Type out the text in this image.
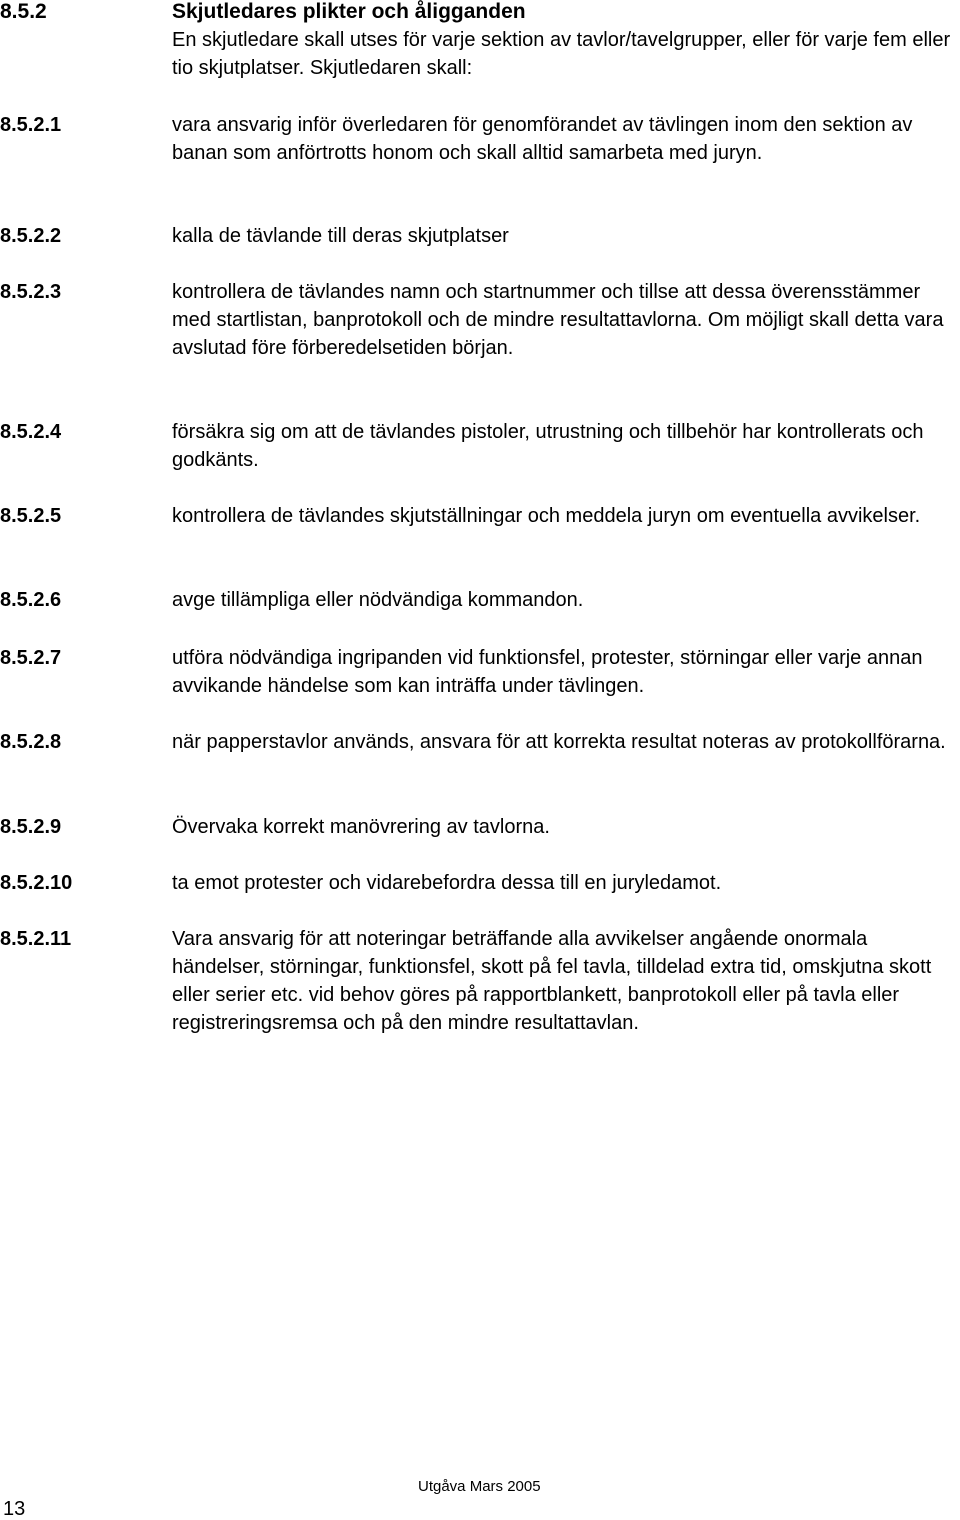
8.5.2	Skjutledares plikter och åligganden
En skjutledare skall utses för varje sektion av tavlor/tavelgrupper, eller för varje fem eller tio skjutplatser. Skjutledaren skall:
8.5.2.1	vara ansvarig inför överledaren för genomförandet av tävlingen inom den sektion av banan som anförtrotts honom och skall alltid samarbeta med juryn.
8.5.2.2	kalla de tävlande till deras skjutplatser
8.5.2.3	kontrollera de tävlandes namn och startnummer och tillse att dessa överensstämmer med startlistan, banprotokoll och de mindre resultattavlorna. Om möjligt skall detta vara avslutad före förberedelsetiden början.
8.5.2.4	försäkra sig om att de tävlandes pistoler, utrustning och tillbehör har kontrollerats och godkänts.
8.5.2.5	kontrollera de tävlandes skjutställningar och meddela juryn om eventuella avvikelser.
8.5.2.6	avge tillämpliga eller nödvändiga kommandon.
8.5.2.7	utföra nödvändiga ingripanden vid funktionsfel, protester, störningar eller varje annan avvikande händelse som kan inträffa under tävlingen.
8.5.2.8	när papperstavlor används, ansvara för att korrekta resultat noteras av protokollförarna.
8.5.2.9	Övervaka korrekt manövrering av tavlorna.
8.5.2.10	ta emot protester och vidarebefordra dessa till en juryledamot.
8.5.2.11	Vara ansvarig för att noteringar beträffande alla avvikelser angående onormala händelser, störningar, funktionsfel, skott på fel tavla, tilldelad extra tid, omskjutna skott eller serier etc. vid behov göres på rapportblankett, banprotokoll eller på tavla eller registreringsremsa och på den mindre resultattavlan.
Utgåva Mars 2005
13
